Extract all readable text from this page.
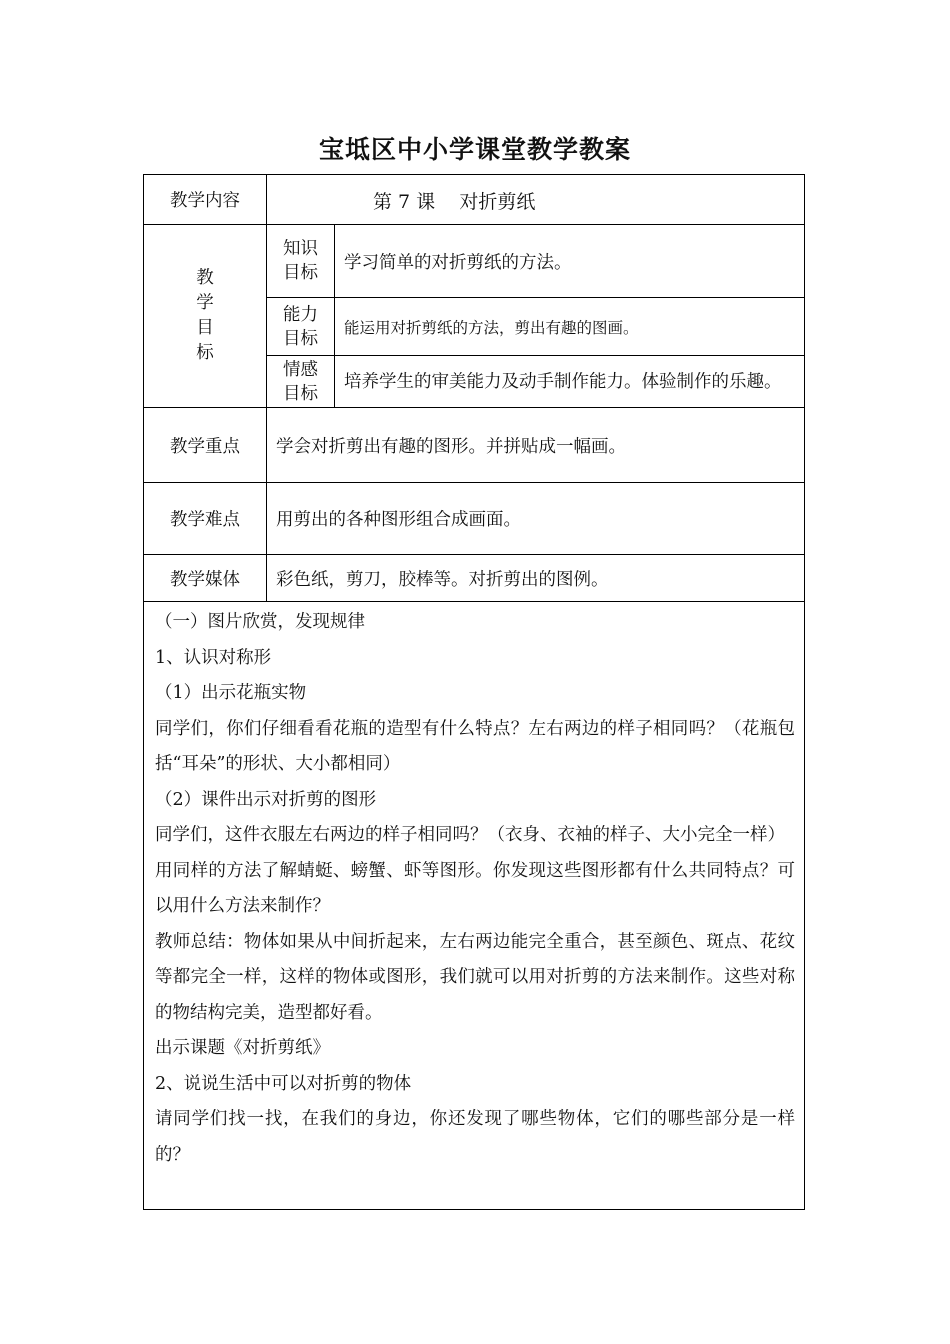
宝坻区中小学课堂教学教案
教学内容	第 7 课    对折剪纸
教
学
目
标
知识
目标
学习简单的对折剪纸的方法。
能力
目标
能运用对折剪纸的方法，剪出有趣的图画。
情感
目标
培养学生的审美能力及动手制作能力。体验制作的乐趣。
教学重点 学会对折剪出有趣的图形。并拼贴成一幅画。
教学难点 用剪出的各种图形组合成画面。
教学媒体 彩色纸，剪刀，胶棒等。对折剪出的图例。

（一）图片欣赏，发现规律

1、认识对称形

（1）出示花瓶实物

同学们，你们仔细看看花瓶的造型有什么特点？左右两边的样子相同吗？（花瓶包括“耳朵”的形状、大小都相同）

（2）课件出示对折剪的图形

同学们，这件衣服左右两边的样子相同吗？（衣身、衣袖的样子、大小完全一样）

用同样的方法了解蜻蜓、螃蟹、虾等图形。你发现这些图形都有什么共同特点？可以用什么方法来制作？

教师总结：物体如果从中间折起来，左右两边能完全重合，甚至颜色、斑点、花纹等都完全一样，这样的物体或图形，我们就可以用对折剪的方法来制作。这些对称的物结构完美，造型都好看。

出示课题《对折剪纸》

2、说说生活中可以对折剪的物体

请同学们找一找，在我们的身边，你还发现了哪些物体，它们的哪些部分是一样的？
